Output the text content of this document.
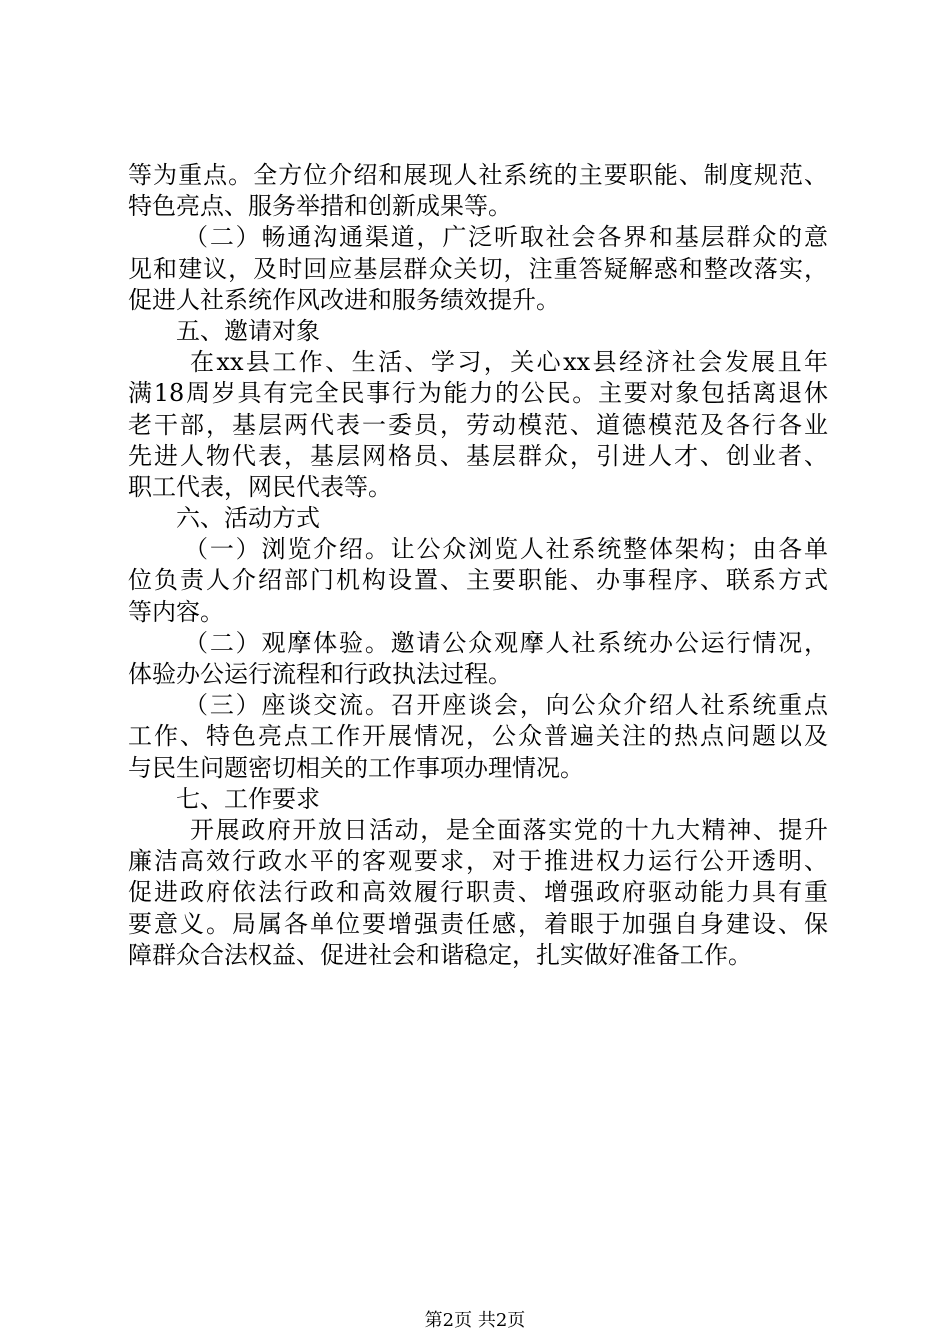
等为重点。全方位介绍和展现人社系统的主要职能、制度规范、
特色亮点、服务举措和创新成果等。
（二）畅通沟通渠道，广泛听取社会各界和基层群众的意
见和建议，及时回应基层群众关切，注重答疑解惑和整改落实，
促进人社系统作风改进和服务绩效提升。
五、邀请对象
在xx县工作、生活、学习，关心xx县经济社会发展且年
满18周岁具有完全民事行为能力的公民。主要对象包括离退休
老干部，基层两代表一委员，劳动模范、道德模范及各行各业
先进人物代表，基层网格员、基层群众，引进人才、创业者、
职工代表，网民代表等。
六、活动方式
（一）浏览介绍。让公众浏览人社系统整体架构；由各单
位负责人介绍部门机构设置、主要职能、办事程序、联系方式
等内容。
（二）观摩体验。邀请公众观摩人社系统办公运行情况，
体验办公运行流程和行政执法过程。
（三）座谈交流。召开座谈会，向公众介绍人社系统重点
工作、特色亮点工作开展情况，公众普遍关注的热点问题以及
与民生问题密切相关的工作事项办理情况。
七、工作要求
开展政府开放日活动，是全面落实党的十九大精神、提升
廉洁高效行政水平的客观要求，对于推进权力运行公开透明、
促进政府依法行政和高效履行职责、增强政府驱动能力具有重
要意义。局属各单位要增强责任感，着眼于加强自身建设、保
障群众合法权益、促进社会和谐稳定，扎实做好准备工作。
第2页 共2页
